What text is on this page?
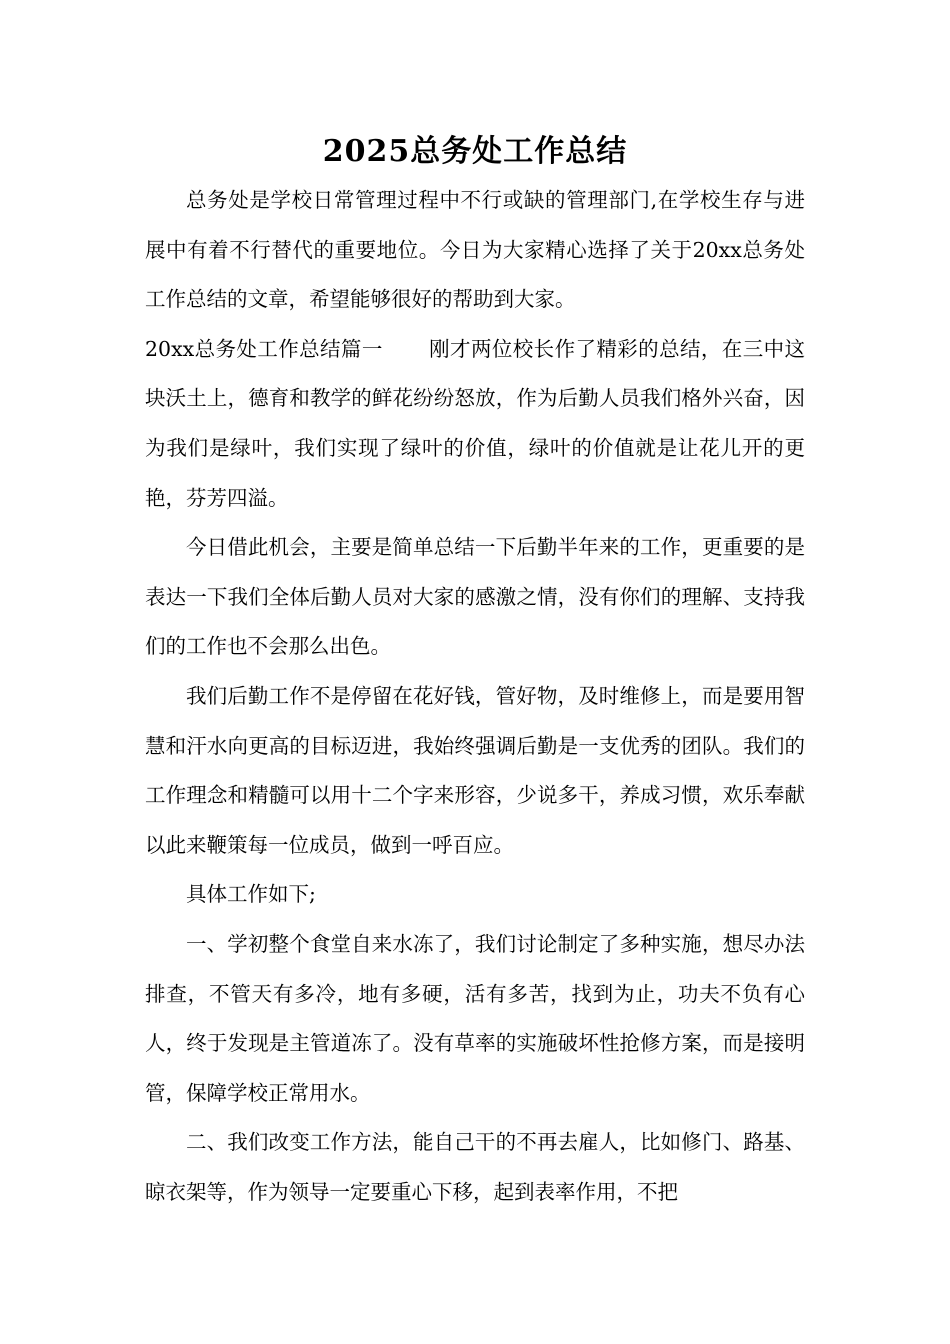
2025总务处工作总结

总务处是学校日常管理过程中不行或缺的管理部门,在学校生存与进展中有着不行替代的重要地位。今日为大家精心选择了关于20xx总务处工作总结的文章，希望能够很好的帮助到大家。

20xx总务处工作总结篇一 刚才两位校长作了精彩的总结，在三中这块沃土上，德育和教学的鲜花纷纷怒放，作为后勤人员我们格外兴奋，因为我们是绿叶，我们实现了绿叶的价值，绿叶的价值就是让花儿开的更艳，芬芳四溢。

今日借此机会，主要是简单总结一下后勤半年来的工作，更重要的是表达一下我们全体后勤人员对大家的感激之情，没有你们的理解、支持我们的工作也不会那么出色。

我们后勤工作不是停留在花好钱，管好物，及时维修上，而是要用智慧和汗水向更高的目标迈进，我始终强调后勤是一支优秀的团队。我们的工作理念和精髓可以用十二个字来形容，少说多干，养成习惯，欢乐奉献以此来鞭策每一位成员，做到一呼百应。

具体工作如下;

一、学初整个食堂自来水冻了，我们讨论制定了多种实施，想尽办法排查，不管天有多冷，地有多硬，活有多苦，找到为止，功夫不负有心人，终于发现是主管道冻了。没有草率的实施破坏性抢修方案，而是接明管，保障学校正常用水。

二、我们改变工作方法，能自己干的不再去雇人，比如修门、路基、晾衣架等，作为领导一定要重心下移，起到表率作用，不把
